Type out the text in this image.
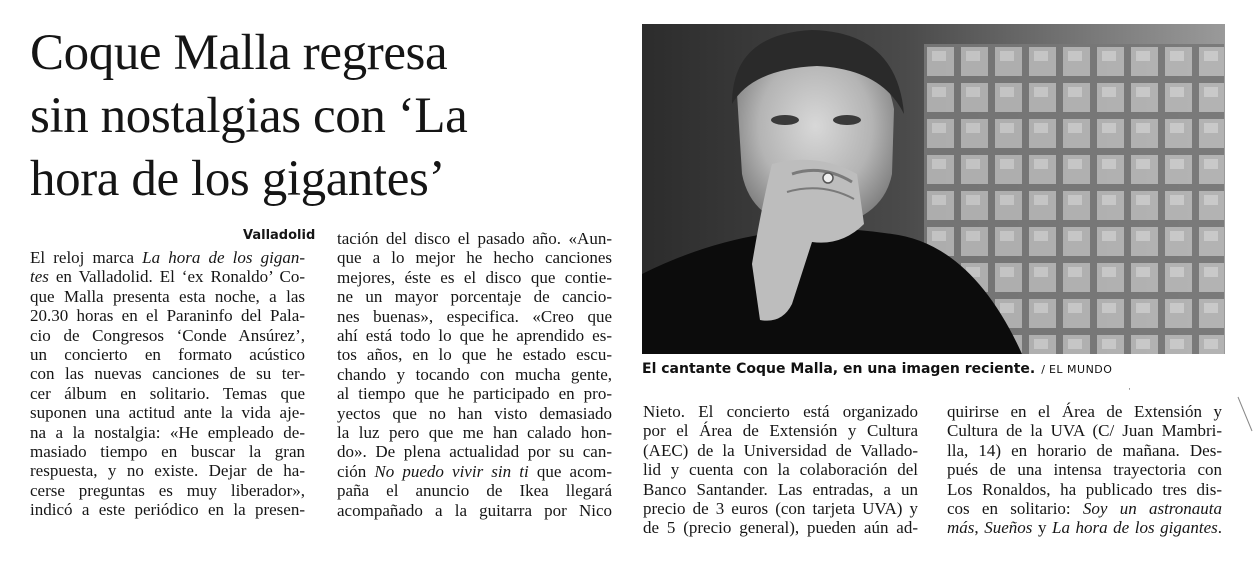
Coque Malla regresa
sin nostalgias con ‘La
hora de los gigantes’
El cantante Coque Malla, en una imagen reciente. / EL MUNDO
Valladolid
El reloj marca La hora de los gigan-
tes en Valladolid. El ‘ex Ronaldo’ Co-
que Malla presenta esta noche, a las
20.30 horas en el Paraninfo del Pala-
cio de Congresos ‘Conde Ansúrez’,
un concierto en formato acústico
con las nuevas canciones de su ter-
cer álbum en solitario. Temas que
suponen una actitud ante la vida aje-
na a la nostalgia: «He empleado de-
masiado tiempo en buscar la gran
respuesta, y no existe. Dejar de ha-
cerse preguntas es muy liberador»,
indicó a este periódico en la presen-
tación del disco el pasado año. «Aun-
que a lo mejor he hecho canciones
mejores, éste es el disco que contie-
ne un mayor porcentaje de cancio-
nes buenas», especifica. «Creo que
ahí está todo lo que he aprendido es-
tos años, en lo que he estado escu-
chando y tocando con mucha gente,
al tiempo que he participado en pro-
yectos que no han visto demasiado
la luz pero que me han calado hon-
do». De plena actualidad por su can-
ción No puedo vivir sin ti que acom-
paña el anuncio de Ikea llegará
acompañado a la guitarra por Nico
Nieto. El concierto está organizado
por el Área de Extensión y Cultura
(AEC) de la Universidad de Vallado-
lid y cuenta con la colaboración del
Banco Santander. Las entradas, a un
precio de 3 euros (con tarjeta UVA) y
de 5 (precio general), pueden aún ad-
quirirse en el Área de Extensión y
Cultura de la UVA (C/ Juan Mambri-
lla, 14) en horario de mañana. Des-
pués de una intensa trayectoria con
Los Ronaldos, ha publicado tres dis-
cos en solitario: Soy un astronauta
más, Sueños y La hora de los gigantes.
·
